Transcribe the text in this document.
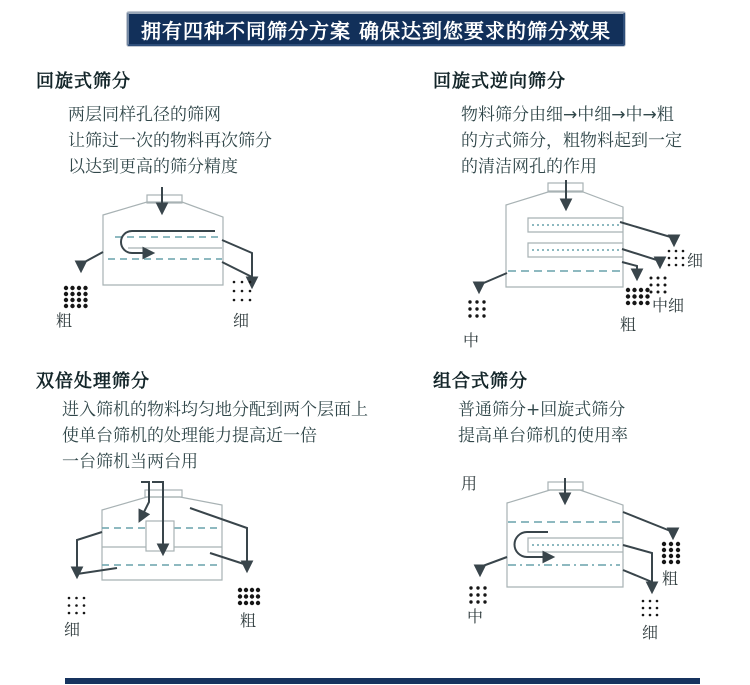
拥有四种不同筛分方案 确保达到您要求的筛分效果
回旋式筛分
两层同样孔径的筛网
让筛过一次的物料再次筛分
以达到更高的筛分精度
粗	细
回旋式逆向筛分
物料筛分由细→中细→中→粗
的方式筛分，粗物料起到一定
的清洁网孔的作用
细
中细
粗
中
双倍处理筛分
进入筛机的物料均匀地分配到两个层面上
使单台筛机的处理能力提高近一倍
一台筛机当两台用
细	粗
组合式筛分
普通筛分+回旋式筛分
提高单台筛机的使用率
用
粗
细
中
